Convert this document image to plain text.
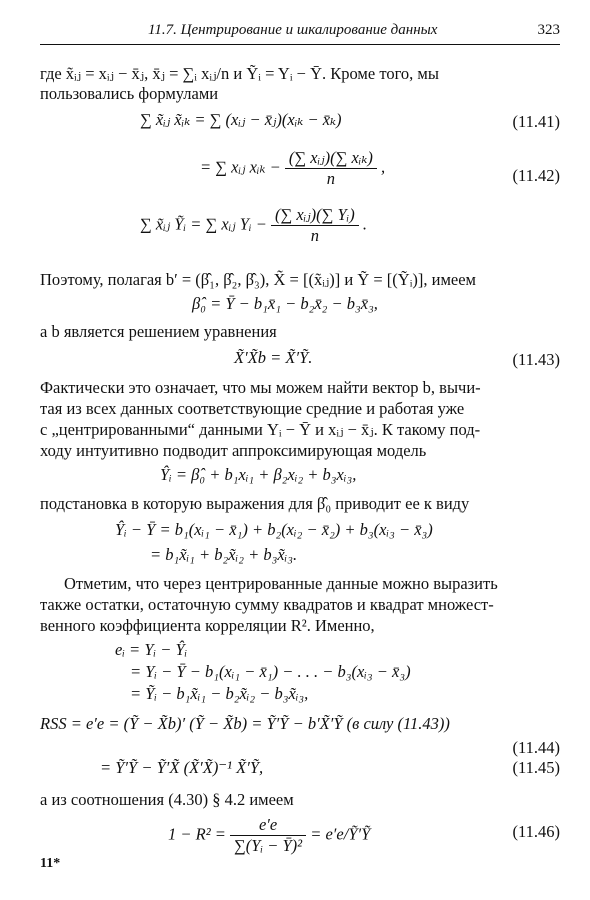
11.7. Центрирование и шкалирование данных	323
где x̃ᵢⱼ = xᵢⱼ − x̄ⱼ, x̄ⱼ = ∑ᵢ xᵢⱼ/n и Ỹᵢ = Yᵢ − Ȳ. Кроме того, мы
пользовались формулами
∑ x̃ᵢⱼ x̃ᵢₖ = ∑ (xᵢⱼ − x̄ⱼ)(xᵢₖ − x̄ₖ)	(11.41)
= ∑ xᵢⱼ xᵢₖ − $\frac{\text{(∑ xᵢⱼ)(∑ xᵢₖ)}}{n}$ ,	(11.42)
∑ x̃ᵢⱼ Ỹᵢ = ∑ xᵢⱼ Yᵢ − $\frac{\text{(∑ xᵢⱼ)(∑ Yᵢ)}}{n}$ .
Поэтому, полагая b′ = (β̂₁, β̂₂, β̂₃), X̃ = [(x̃ᵢⱼ)] и Ỹ = [(Ỹᵢ)], имеем
β̂₀ = Ȳ − b₁x̄₁ − b₂x̄₂ − b₃x̄₃,
а b является решением уравнения
X̃′X̃b = X̃′Ỹ.	(11.43)
Фактически это означает, что мы можем найти вектор b, вычи-
тая из всех данных соответствующие средние и работая уже
с „центрированными“ данными Yᵢ − Ȳ и xᵢⱼ − x̄ⱼ. К такому под-
ходу интуитивно подводит аппроксимирующая модель
Ŷᵢ = β̂₀ + b₁xᵢ₁ + β₂xᵢ₂ + b₃xᵢ₃,
подстановка в которую выражения для β̂₀ приводит ее к виду
Ŷᵢ − Ȳ = b₁(xᵢ₁ − x̄₁) + b₂(xᵢ₂ − x̄₂) + b₃(xᵢ₃ − x̄₃)
= b₁x̃ᵢ₁ + b₂x̃ᵢ₂ + b₃x̃ᵢ₃.
Отметим, что через центрированные данные можно выразить
также остатки, остаточную сумму квадратов и квадрат множест-
венного коэффициента корреляции R². Именно,
eᵢ = Yᵢ − Ŷᵢ
= Yᵢ − Ȳ − b₁(xᵢ₁ − x̄₁) − . . . − b₃(xᵢ₃ − x̄₃)
= Ỹᵢ − b₁x̃ᵢ₁ − b₂x̃ᵢ₂ − b₃x̃ᵢ₃,
RSS = e′e = (Ỹ − X̃b)′ (Ỹ − X̃b) = Ỹ′Ỹ − b′X̃′Ỹ (в силу (11.43))
(11.44)
= Ỹ′Ỹ − Ỹ′X̃ (X̃′X̃)⁻¹ X̃′Ỹ,	(11.45)
а из соотношения (4.30) § 4.2 имеем
$1 - R^2 = \frac{e'e}{\text{∑(Yᵢ − Ȳ)²}}$ = e′e/Ỹ′Ỹ	(11.46)
11*
